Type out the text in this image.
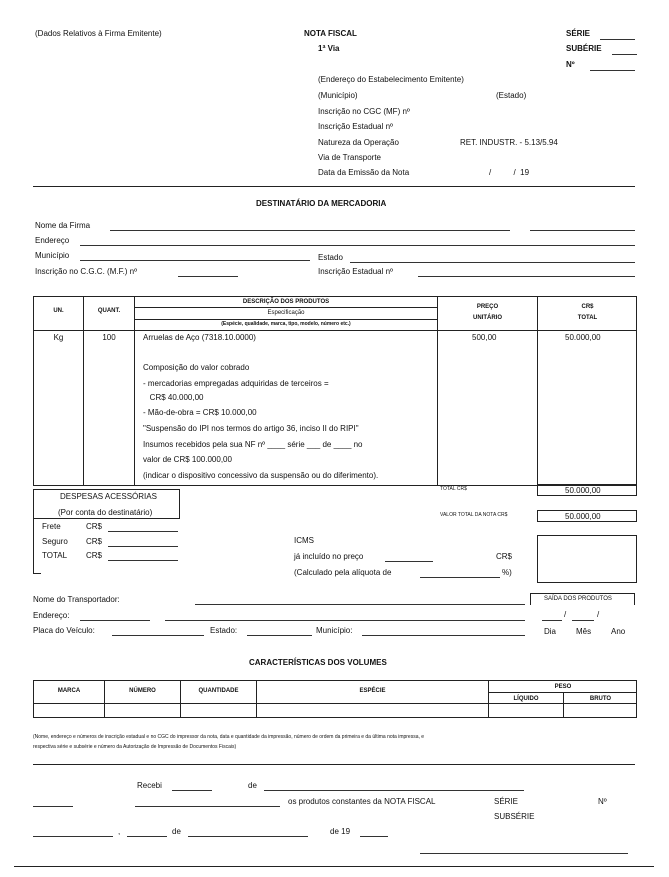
(Dados Relativos à Firma Emitente)	NOTA FISCAL
1ª Via
SÉRIE
SUBÉRIE
Nº
(Endereço do Estabelecimento Emitente)
(Município)	(Estado)
Inscrição no CGC (MF) nº
Inscrição Estadual nº
Natureza da Operação	RET. INDUSTR. - 5.13/5.94
Via de Transporte
Data da Emissão da Nota	/          /  19
DESTINATÁRIO DA MERCADORIA
Nome da Firma
Endereço
Município	Estado
Inscrição no C.G.C. (M.F.) nº	Inscrição Estadual nº
UN.	QUANT.
DESCRIÇÃO DOS PRODUTOS
Especificação
(Espécie, qualidade, marca, tipo, modelo, número etc.)
PREÇO
UNITÁRIO
CR$
TOTAL
Kg	100	Arruelas de Aço (7318.10.0000)	500,00	50.000,00
Composição do valor cobrado
- mercadorias empregadas adquiridas de terceiros =
CR$ 40.000,00
- Mão-de-obra = CR$ 10.000,00
"Suspensão do IPI nos termos do artigo 36, inciso II do RIPI"
Insumos recebidos pela sua NF nº ____ série ___ de ____ no
valor de CR$ 100.000,00
(indicar o dispositivo concessivo da suspensão ou do diferimento).
TOTAL CR$	50.000,00
VALOR TOTAL DA NOTA CR$	50.000,00
DESPESAS ACESSÓRIAS
(Por conta do destinatário)
Frete	CR$
Seguro CR$
TOTAL CR$
ICMS
já incluído no preço	CR$
(Calculado pela alíquota de	%)
Nome do Transportador:
Endereço:
Placa do Veículo:	Estado:	Município:
SAÍDA DOS PRODUTOS
/	/
Dia Mês Ano
CARACTERÍSTICAS DOS VOLUMES
MARCA	NÚMERO	QUANTIDADE	ESPÉCIE
PESO
LÍQUIDO	BRUTO
(Nome, endereço e números de inscrição estadual e no CGC do impressor da nota, data e quantidade da impressão, número de ordem da primeira e da última nota impressa, e
respectiva série e subsérie e número da Autorização de Impressão de Documentos Fiscais)
Recebi	de
os produtos constantes da NOTA FISCAL	SÉRIE	Nº
SUBSÉRIE
,	de	de 19
